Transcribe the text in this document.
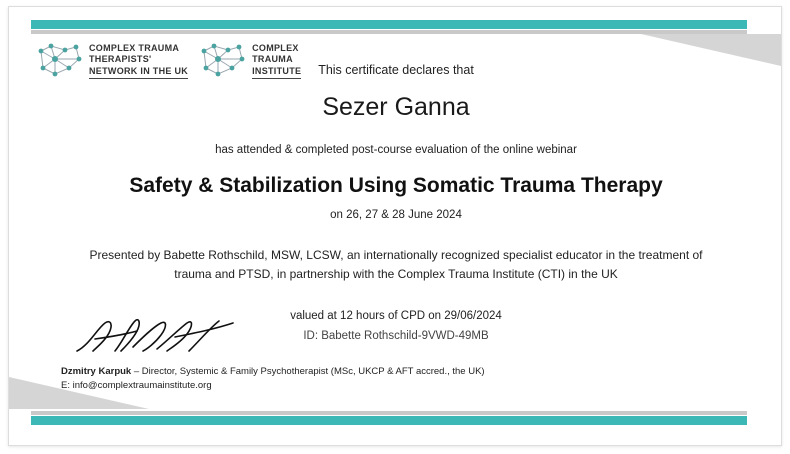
COMPLEX TRAUMA
THERAPISTS'
NETWORK IN THE UK
COMPLEX
TRAUMA
INSTITUTE	This certificate declares that
Sezer Ganna
has attended & completed post-course evaluation of the online webinar
Safety & Stabilization Using Somatic Trauma Therapy
on 26, 27 & 28 June 2024
Presented by Babette Rothschild, MSW, LCSW, an internationally recognized specialist educator in the treatment of
trauma and PTSD, in partnership with the Complex Trauma Institute (CTI) in the UK
valued at 12 hours of CPD on 29/06/2024
ID: Babette Rothschild-9VWD-49MB
Dzmitry Karpuk – Director, Systemic & Family Psychotherapist (MSc, UKCP & AFT accred., the UK)
E: info@complextraumainstitute.org
